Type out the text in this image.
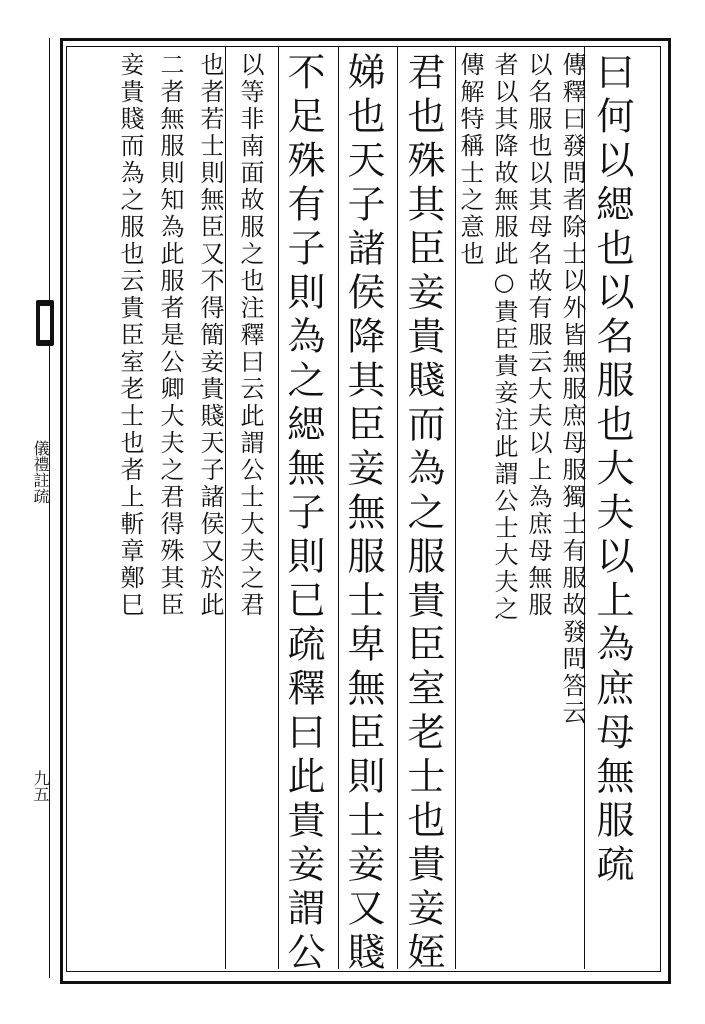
儀禮註疏
九五	曰何以緦也以名服也大夫以上為庶母無服疏
傳釋曰發問者除士以外皆無服庶母服獨士有服故發問答云
以名服也以其母名故有服云大夫以上為庶母無服
者以其降故無服此○貴臣貴妾注此謂公士大夫之
傳解特稱士之意也
君也殊其臣妾貴賤而為之服貴臣室老士也貴妾姪
娣也天子諸侯降其臣妾無服士卑無臣則士妾又賤
不足殊有子則為之緦無子則已疏釋曰此貴妾謂公
以等非南面故服之也注釋曰云此謂公士大夫之君
也者若士則無臣又不得簡妾貴賤天子諸侯又於此
二者無服則知為此服者是公卿大夫之君得殊其臣
妾貴賤而為之服也云貴臣室老士也者上斬章鄭巳
